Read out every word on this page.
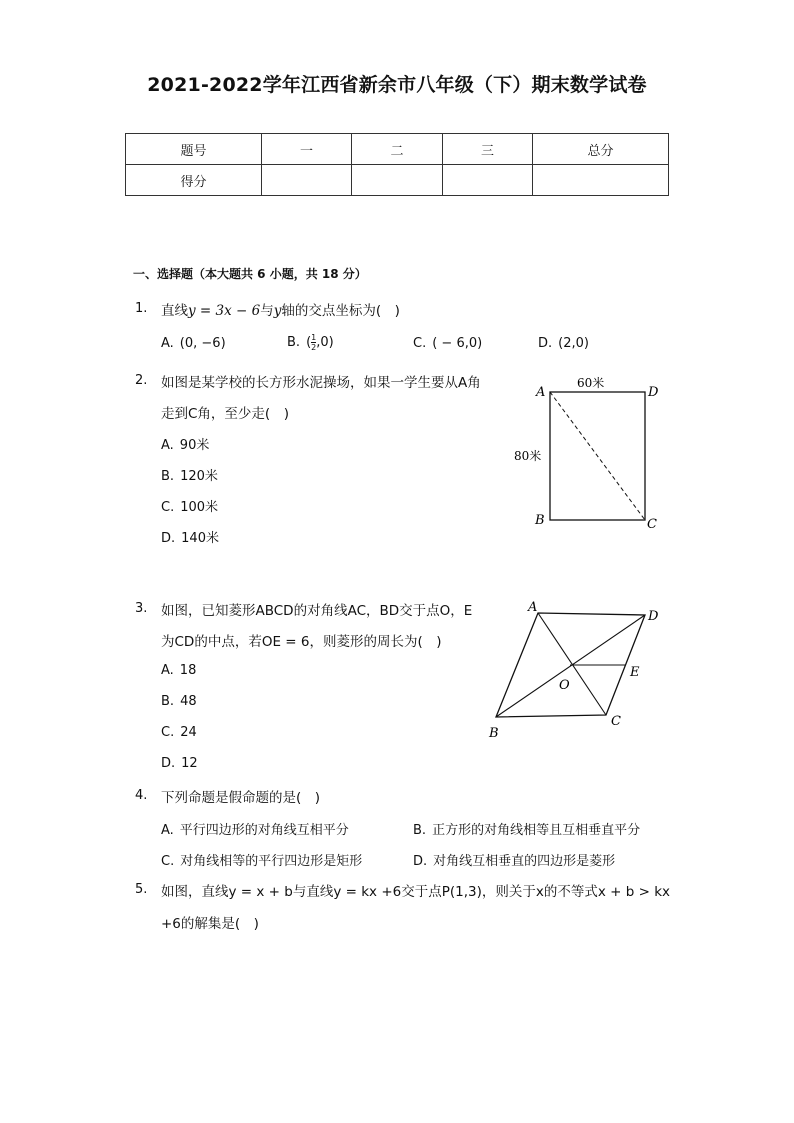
2021-2022学年江西省新余市八年级（下）期末数学试卷
题号	一	二	三	总分
得分				
一、选择题（本大题共 6 小题，共 18 分）
1. 直线y = 3x − 6与y轴的交点坐标为(　)
A. (0, −6)	B. ( $\frac{1}{2} ,0$)	C. ( − 6,0)	D. (2,0)
2. 如图是某学校的长方形水泥操场，如果一学生要从A角
走到C角，至少走(　)
A. 90米
B. 120米
C. 100米
D. 140米
60米
80米
A	D
B	C
3. 如图，已知菱形ABCD的对角线AC，BD交于点O，E
为CD的中点，若OE = 6，则菱形的周长为(　)
A. 18
B. 48
C. 24
D. 12
A
D
E
O
C
B
4. 下列命题是假命题的是(　)
A. 平行四边形的对角线互相平分	B. 正方形的对角线相等且互相垂直平分
C. 对角线相等的平行四边形是矩形	D. 对角线互相垂直的四边形是菱形
5. 如图，直线y = x + b与直线y = kx +6交于点P(1,3)，则关于x的不等式x + b > kx
+6的解集是(　)
